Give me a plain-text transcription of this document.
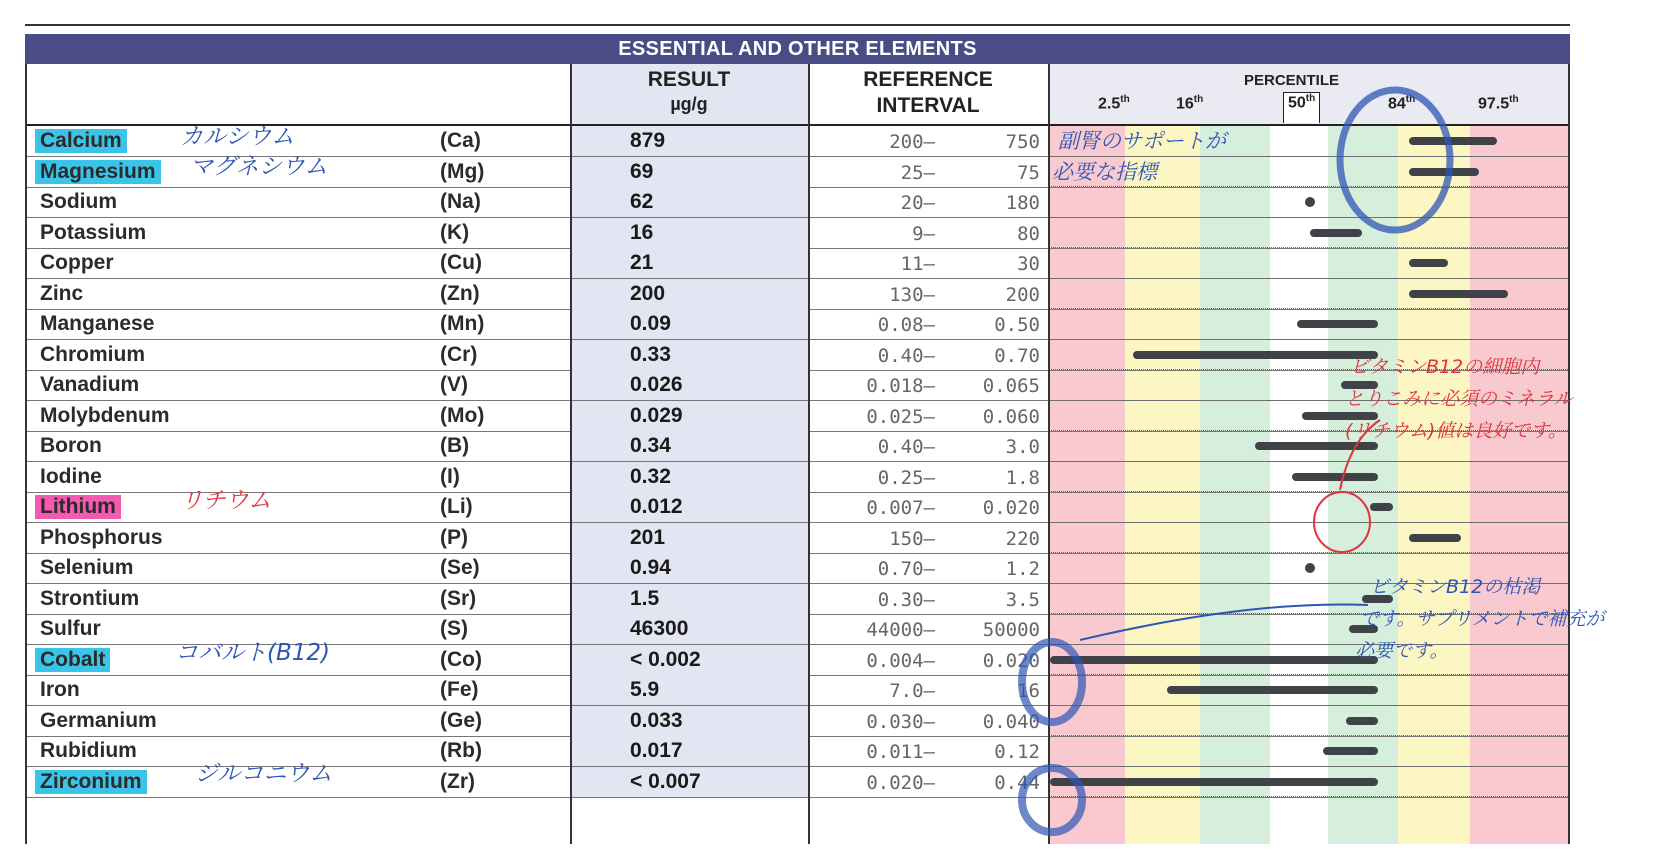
ESSENTIAL AND OTHER ELEMENTS
RESULT
µg/g
REFERENCE
INTERVAL
PERCENTILE
2.5th	16th	50th	84th	97.5th
Calcium	(Ca)	879	200–	750
Magnesium	(Mg)	69	25–	75
Sodium	(Na)	62	20–	180
Potassium	(K)	16	9–	80
Copper	(Cu)	21	11–	30
Zinc	(Zn)	200	130–	200
Manganese	(Mn)	0.09	0.08–	0.50
Chromium	(Cr)	0.33	0.40–	0.70
Vanadium	(V)	0.026	0.018–	0.065
Molybdenum	(Mo)	0.029	0.025–	0.060
Boron	(B)	0.34	0.40–	3.0
Iodine	(I)	0.32	0.25–	1.8
Lithium	(Li)	0.012	0.007–	0.020
Phosphorus	(P)	201	150–	220
Selenium	(Se)	0.94	0.70–	1.2
Strontium	(Sr)	1.5	0.30–	3.5
Sulfur	(S)	46300	44000–	50000
Cobalt	(Co)	< 0.002	0.004–	0.020
Iron	(Fe)	5.9	7.0–	16
Germanium	(Ge)	0.033	0.030–	0.040
Rubidium	(Rb)	0.017	0.011–	0.12
Zirconium	(Zr)	< 0.007	0.020–	0.44
カルシウム
マグネシウム
リチウム
コバルト(B12)
ジルコニウム
副腎のサポートが
必要な指標
ビタミンB12の細胞内
とりこみに必須のミネラル
(リチウム)値は良好です。
ビタミンB12の枯渇
です。サプリメントで補充が
必要です。
